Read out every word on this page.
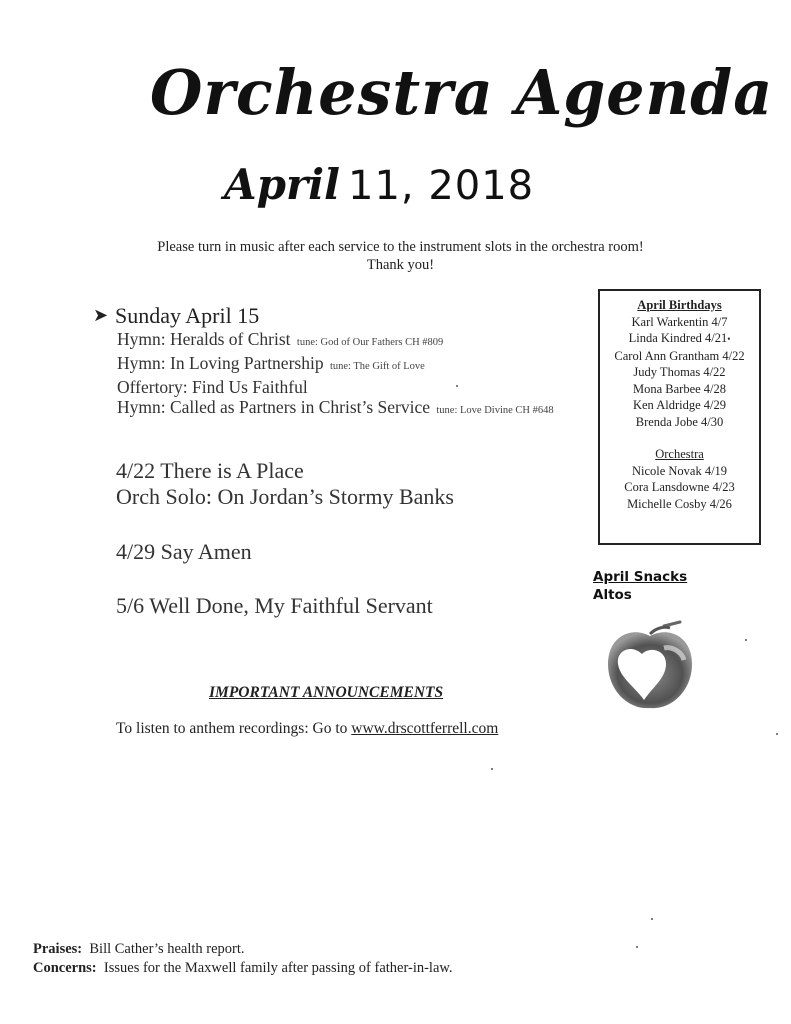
Orchestra Agenda
April 11, 2018
Please turn in music after each service to the instrument slots in the orchestra room!
Thank you!
➤ Sunday April 15
Hymn: Heralds of Christ tune: God of Our Fathers CH #809
Hymn: In Loving Partnership tune: The Gift of Love
Offertory: Find Us Faithful
Hymn: Called as Partners in Christ’s Service tune: Love Divine CH #648
4/22 There is A Place
Orch Solo: On Jordan’s Stormy Banks
4/29 Say Amen
5/6 Well Done, My Faithful Servant
April Birthdays
Karl Warkentin 4/7
Linda Kindred 4/21•
Carol Ann Grantham 4/22
Judy Thomas 4/22
Mona Barbee 4/28
Ken Aldridge 4/29
Brenda Jobe 4/30
Orchestra
Nicole Novak 4/19
Cora Lansdowne 4/23
Michelle Cosby 4/26
April Snacks
Altos
IMPORTANT ANNOUNCEMENTS
To listen to anthem recordings: Go to www.drscottferrell.com
Praises:  Bill Cather’s health report.
Concerns:  Issues for the Maxwell family after passing of father-in-law.
